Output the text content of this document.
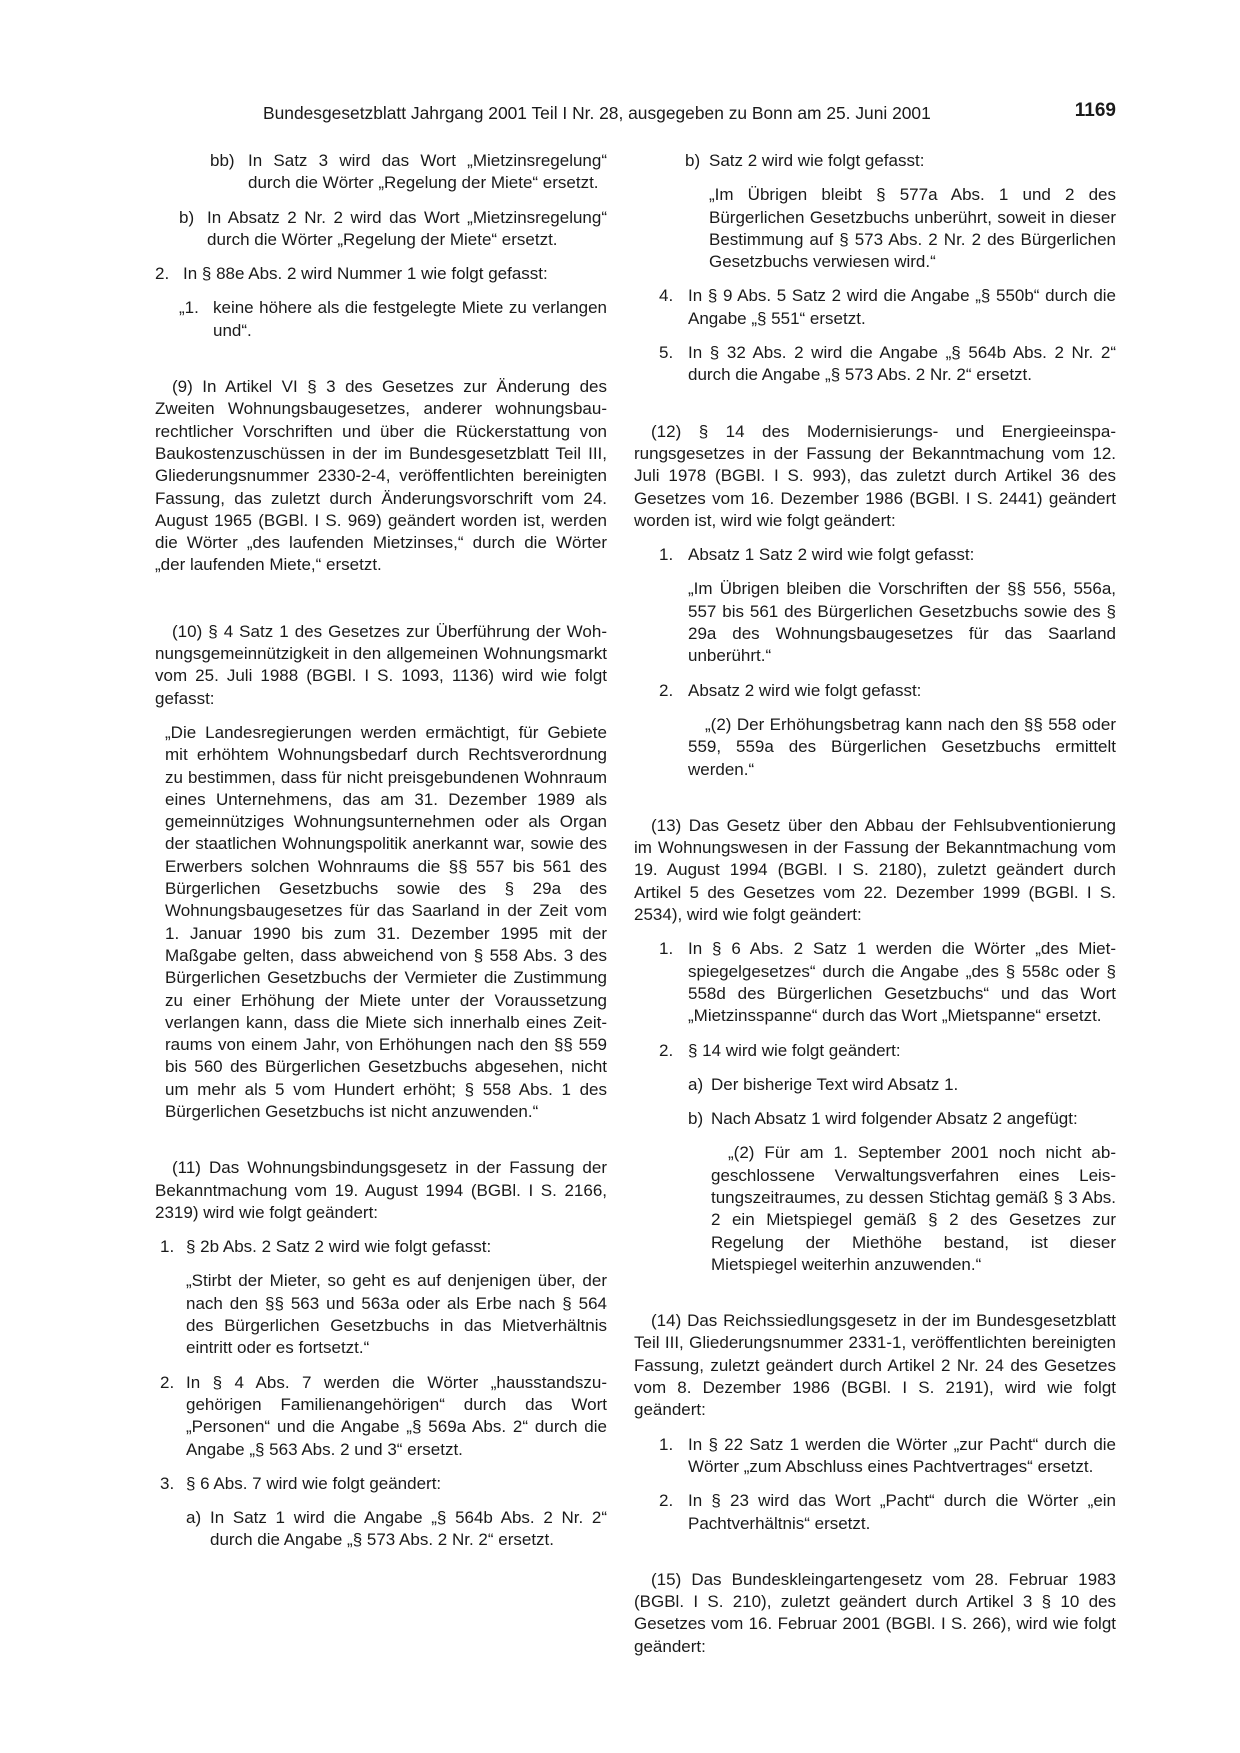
Bundesgesetzblatt Jahrgang 2001 Teil I Nr. 28, ausgegeben zu Bonn am 25. Juni 2001	1169
bb) In Satz 3 wird das Wort „Mietzinsregelung“ durch die Wörter „Regelung der Miete“ ersetzt.
b) In Absatz 2 Nr. 2 wird das Wort „Mietzinsregelung“ durch die Wörter „Regelung der Miete“ ersetzt.
2. In § 88e Abs. 2 wird Nummer 1 wie folgt gefasst:
„1. keine höhere als die festgelegte Miete zu verlangen und“.

(9) In Artikel VI § 3 des Gesetzes zur Änderung des Zweiten Wohnungsbaugesetzes, anderer wohnungsbaurechtlicher Vorschriften und über die Rückerstattung von Baukostenzuschüssen in der im Bundesgesetzblatt Teil III, Gliederungsnummer 2330-2-4, veröffentlichten bereinigten Fassung, das zuletzt durch Änderungsvorschrift vom 24. August 1965 (BGBl. I S. 969) geändert worden ist, werden die Wörter „des laufenden Mietzinses,“ durch die Wörter „der laufenden Miete,“ ersetzt.

(10) § 4 Satz 1 des Gesetzes zur Überführung der Wohnungsgemeinnützigkeit in den allgemeinen Wohnungsmarkt vom 25. Juli 1988 (BGBl. I S. 1093, 1136) wird wie folgt gefasst:

„Die Landesregierungen werden ermächtigt, für Gebiete mit erhöhtem Wohnungsbedarf durch Rechtsverordnung zu bestimmen, dass für nicht preisgebundenen Wohnraum eines Unternehmens, das am 31. Dezember 1989 als gemeinnütziges Wohnungsunternehmen oder als Organ der staatlichen Wohnungspolitik anerkannt war, sowie des Erwerbers solchen Wohnraums die §§ 557 bis 561 des Bürgerlichen Gesetzbuchs sowie des § 29a des Wohnungsbaugesetzes für das Saarland in der Zeit vom 1. Januar 1990 bis zum 31. Dezember 1995 mit der Maßgabe gelten, dass abweichend von § 558 Abs. 3 des Bürgerlichen Gesetzbuchs der Vermieter die Zustimmung zu einer Erhöhung der Miete unter der Voraussetzung verlangen kann, dass die Miete sich innerhalb eines Zeitraums von einem Jahr, von Erhöhungen nach den §§ 559 bis 560 des Bürgerlichen Gesetzbuchs abgesehen, nicht um mehr als 5 vom Hundert erhöht; § 558 Abs. 1 des Bürgerlichen Gesetzbuchs ist nicht anzuwenden.“

(11) Das Wohnungsbindungsgesetz in der Fassung der Bekanntmachung vom 19. August 1994 (BGBl. I S. 2166, 2319) wird wie folgt geändert:

1. § 2b Abs. 2 Satz 2 wird wie folgt gefasst:

„Stirbt der Mieter, so geht es auf denjenigen über, der nach den §§ 563 und 563a oder als Erbe nach § 564 des Bürgerlichen Gesetzbuchs in das Mietverhältnis eintritt oder es fortsetzt.“

2. In § 4 Abs. 7 werden die Wörter „hausstandszugehörigen Familienangehörigen“ durch das Wort „Personen“ und die Angabe „§ 569a Abs. 2“ durch die Angabe „§ 563 Abs. 2 und 3“ ersetzt.
3. § 6 Abs. 7 wird wie folgt geändert:
a) In Satz 1 wird die Angabe „§ 564b Abs. 2 Nr. 2“ durch die Angabe „§ 573 Abs. 2 Nr. 2“ ersetzt.
b) Satz 2 wird wie folgt gefasst:

„Im Übrigen bleibt § 577a Abs. 1 und 2 des Bürgerlichen Gesetzbuchs unberührt, soweit in dieser Bestimmung auf § 573 Abs. 2 Nr. 2 des Bürgerlichen Gesetzbuchs verwiesen wird.“

4. In § 9 Abs. 5 Satz 2 wird die Angabe „§ 550b“ durch die Angabe „§ 551“ ersetzt.
5. In § 32 Abs. 2 wird die Angabe „§ 564b Abs. 2 Nr. 2“ durch die Angabe „§ 573 Abs. 2 Nr. 2“ ersetzt.

(12) § 14 des Modernisierungs- und Energieeinsparungsgesetzes in der Fassung der Bekanntmachung vom 12. Juli 1978 (BGBl. I S. 993), das zuletzt durch Artikel 36 des Gesetzes vom 16. Dezember 1986 (BGBl. I S. 2441) geändert worden ist, wird wie folgt geändert:

1. Absatz 1 Satz 2 wird wie folgt gefasst:

„Im Übrigen bleiben die Vorschriften der §§ 556, 556a, 557 bis 561 des Bürgerlichen Gesetzbuchs sowie des § 29a des Wohnungsbaugesetzes für das Saarland unberührt.“

2. Absatz 2 wird wie folgt gefasst:

„(2) Der Erhöhungsbetrag kann nach den §§ 558 oder 559, 559a des Bürgerlichen Gesetzbuchs ermittelt werden.“

(13) Das Gesetz über den Abbau der Fehlsubventionierung im Wohnungswesen in der Fassung der Bekanntmachung vom 19. August 1994 (BGBl. I S. 2180), zuletzt geändert durch Artikel 5 des Gesetzes vom 22. Dezember 1999 (BGBl. I S. 2534), wird wie folgt geändert:

1. In § 6 Abs. 2 Satz 1 werden die Wörter „des Mietspiegelgesetzes“ durch die Angabe „des § 558c oder § 558d des Bürgerlichen Gesetzbuchs“ und das Wort „Mietzinsspanne“ durch das Wort „Mietspanne“ ersetzt.
2. § 14 wird wie folgt geändert:
a) Der bisherige Text wird Absatz 1.
b) Nach Absatz 1 wird folgender Absatz 2 angefügt:

„(2) Für am 1. September 2001 noch nicht abgeschlossene Verwaltungsverfahren eines Leistungszeitraumes, zu dessen Stichtag gemäß § 3 Abs. 2 ein Mietspiegel gemäß § 2 des Gesetzes zur Regelung der Miethöhe bestand, ist dieser Mietspiegel weiterhin anzuwenden.“

(14) Das Reichssiedlungsgesetz in der im Bundesgesetzblatt Teil III, Gliederungsnummer 2331-1, veröffentlichten bereinigten Fassung, zuletzt geändert durch Artikel 2 Nr. 24 des Gesetzes vom 8. Dezember 1986 (BGBl. I S. 2191), wird wie folgt geändert:

1. In § 22 Satz 1 werden die Wörter „zur Pacht“ durch die Wörter „zum Abschluss eines Pachtvertrages“ ersetzt.
2. In § 23 wird das Wort „Pacht“ durch die Wörter „ein Pachtverhältnis“ ersetzt.

(15) Das Bundeskleingartengesetz vom 28. Februar 1983 (BGBl. I S. 210), zuletzt geändert durch Artikel 3 § 10 des Gesetzes vom 16. Februar 2001 (BGBl. I S. 266), wird wie folgt geändert:
